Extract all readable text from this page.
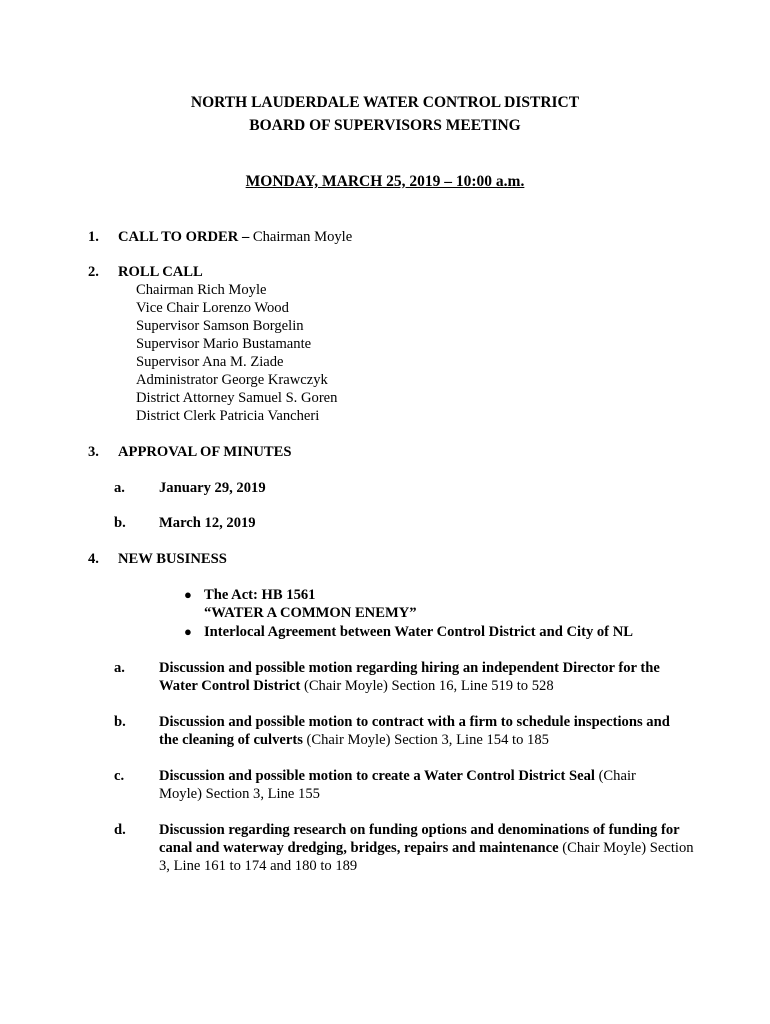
NORTH LAUDERDALE WATER CONTROL DISTRICT
BOARD OF SUPERVISORS MEETING
MONDAY, MARCH 25, 2019 – 10:00 a.m.
1. CALL TO ORDER – Chairman Moyle
2. ROLL CALL
Chairman Rich Moyle
Vice Chair Lorenzo Wood
Supervisor Samson Borgelin
Supervisor Mario Bustamante
Supervisor Ana M. Ziade
Administrator George Krawczyk
District Attorney Samuel S. Goren
District Clerk Patricia Vancheri
3. APPROVAL OF MINUTES
a. January 29, 2019
b. March 12, 2019
4. NEW BUSINESS
● The Act: HB 1561
“WATER A COMMON ENEMY”
● Interlocal Agreement between Water Control District and City of NL
a. Discussion and possible motion regarding hiring an independent Director for the Water Control District (Chair Moyle) Section 16, Line 519 to 528
b. Discussion and possible motion to contract with a firm to schedule inspections and the cleaning of culverts (Chair Moyle) Section 3, Line 154 to 185
c. Discussion and possible motion to create a Water Control District Seal (Chair Moyle) Section 3, Line 155
d. Discussion regarding research on funding options and denominations of funding for canal and waterway dredging, bridges, repairs and maintenance (Chair Moyle) Section 3, Line 161 to 174 and 180 to 189
